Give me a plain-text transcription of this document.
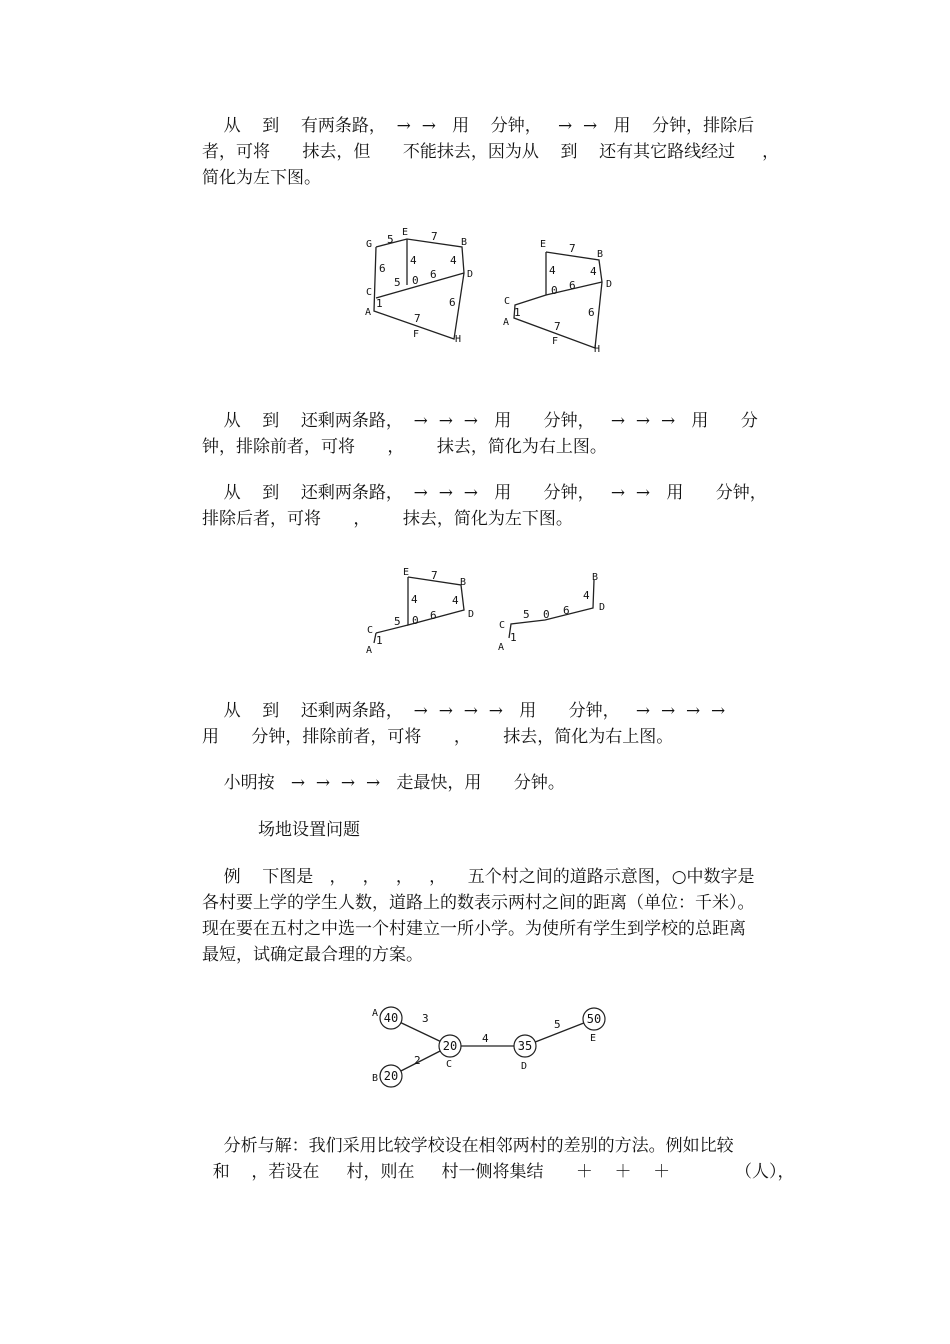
从    到    有两条路，  →  →   用    分钟，   →  →   用    分钟，排除后
者，可将      抹去，但      不能抹去，因为从    到    还有其它路线经过     ，
简化为左下图。
G
E
B
C
D
A
F	H
5	7
6
4	4
5 0 6
1	6
7
E
B
D
C
A
F
H
7
4	4
0 6
1
7
6
从    到    还剩两条路，  →  →  →   用      分钟，   →  →  →   用      分
钟，排除前者，可将      ，      抹去，简化为右上图。
从    到    还剩两条路，  →  →  →   用      分钟，   →  →   用      分钟，
排除后者，可将      ，      抹去，简化为左下图。
E
B
D
C
A
7
4	4
5 0 6
1
B
D
C
A
4
5 0 6
1
从    到    还剩两条路，  →  →  →  →   用      分钟，   →  →  →  →
用      分钟，排除前者，可将      ，      抹去，简化为右上图。
小明按   →  →  →  →   走最快，用      分钟。
场地设置问题
例    下图是   ，   ，   ，   ，    五个村之间的道路示意图，○中数字是
各村要上学的学生人数，道路上的数表示两村之间的距离（单位：千米）。
现在要在五村之中选一个村建立一所小学。为使所有学生到学校的总距离
最短，试确定最合理的方案。
40
20
20	35
50
A
B
C	D
E
3
2
4
5
分析与解：我们采用比较学校设在相邻两村的差别的方法。例如比较
和    ，若设在     村，则在     村一侧将集结      ＋    ＋    ＋            （人），
